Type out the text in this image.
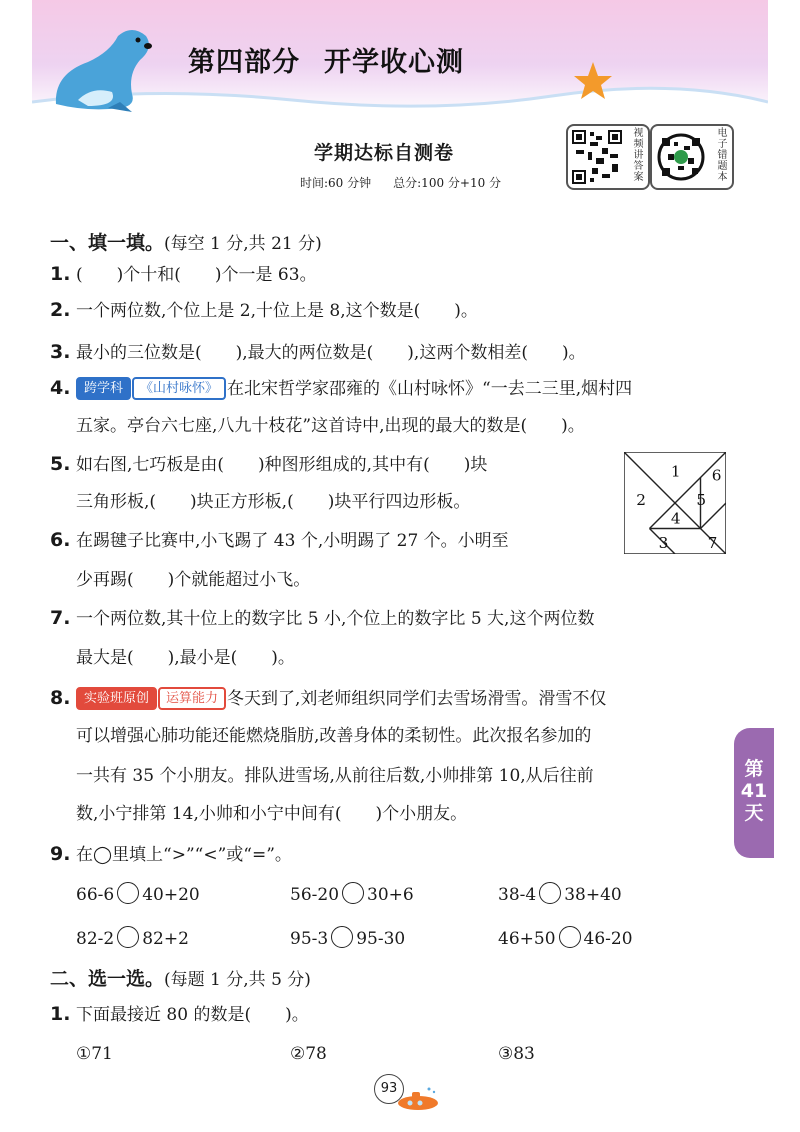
第四部分 开学收心测
学期达标自测卷
时间:60 分钟 总分:100 分+10 分
视频讲答案
电子错题本
一、填一填。(每空 1 分,共 21 分)
1. (　　)个十和(　　)个一是 63。
2. 一个两位数,个位上是 2,十位上是 8,这个数是(　　)。
3. 最小的三位数是(　　),最大的两位数是(　　),这两个数相差(　　)。
4. 跨学科 《山村咏怀》 在北宋哲学家邵雍的《山村咏怀》“一去二三里,烟村四
五家。亭台六七座,八九十枝花”这首诗中,出现的最大的数是(　　)。
5. 如右图,七巧板是由(　　)种图形组成的,其中有(　　)块
三角形板,(　　)块正方形板,(　　)块平行四边形板。
1
2
3
4
5
6
7
6. 在踢毽子比赛中,小飞踢了 43 个,小明踢了 27 个。小明至
少再踢(　　)个就能超过小飞。
7. 一个两位数,其十位上的数字比 5 小,个位上的数字比 5 大,这个两位数
最大是(　　),最小是(　　)。
8. 实验班原创 运算能力 冬天到了,刘老师组织同学们去雪场滑雪。滑雪不仅
可以增强心肺功能还能燃烧脂肪,改善身体的柔韧性。此次报名参加的
一共有 35 个小朋友。排队进雪场,从前往后数,小帅排第 10,从后往前
数,小宁排第 14,小帅和小宁中间有(　　)个小朋友。
9. 在◯里填上“>”“<”或“=”。
66-6 40+20	56-20 30+6	38-4 38+40
82-2 82+2	95-3 95-30	46+50 46-20
二、选一选。(每题 1 分,共 5 分)
1. 下面最接近 80 的数是(　　)。
①71	②78	③83
第41天
93
